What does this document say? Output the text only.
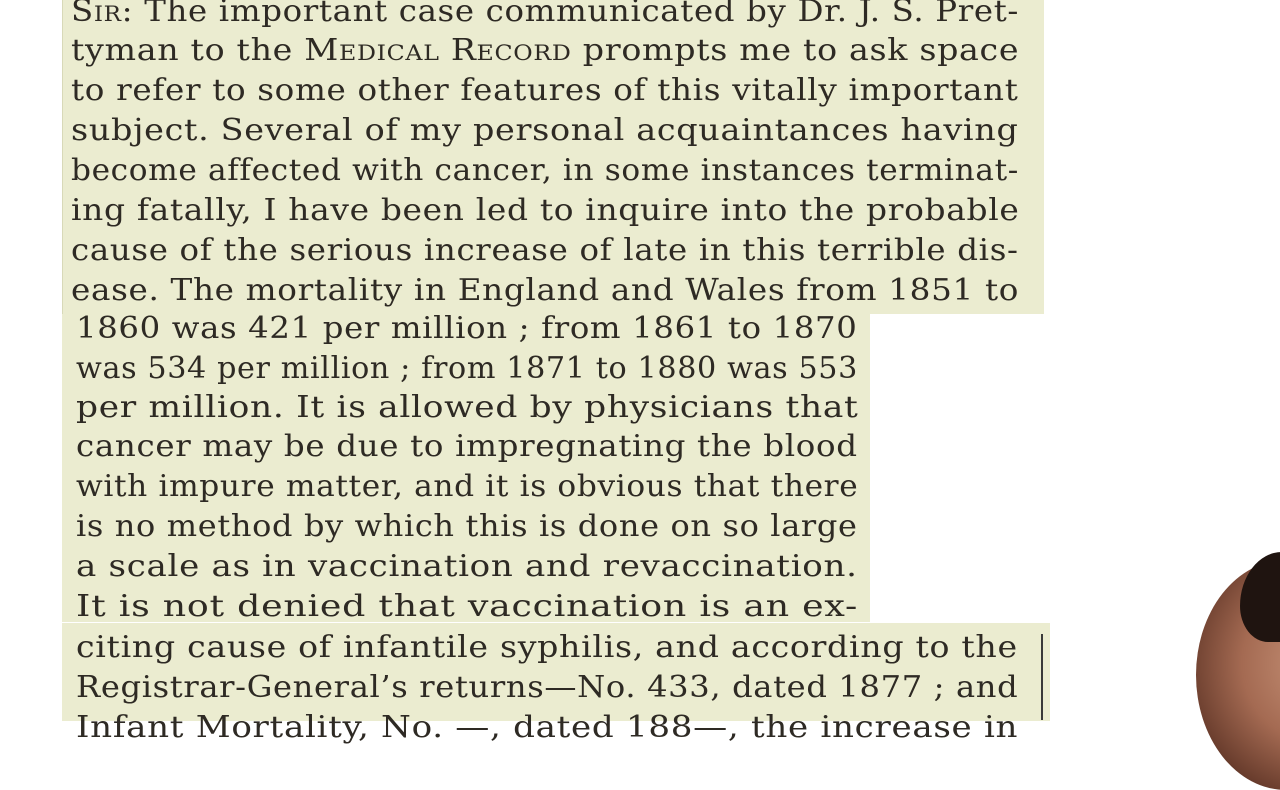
Sir: The important case communicated by Dr. J. S. Pret-

tyman to the Medical Record prompts me to ask space

to refer to some other features of this vitally important

subject. Several of my personal acquaintances having

become affected with cancer, in some instances terminat-

ing fatally, I have been led to inquire into the probable

cause of the serious increase of late in this terrible dis-

ease. The mortality in England and Wales from 1851 to

1860 was 421 per million ; from 1861 to 1870

was 534 per million ; from 1871 to 1880 was 553

per million. It is allowed by physicians that

cancer may be due to impregnating the blood

with impure matter, and it is obvious that there

is no method by which this is done on so large

a scale as in vaccination and revaccination.

It is not denied that vaccination is an ex-

citing cause of infantile syphilis, and according to the

Registrar-General’s returns—No. 433, dated 1877 ; and

Infant Mortality, No. —, dated 188—, the increase in
